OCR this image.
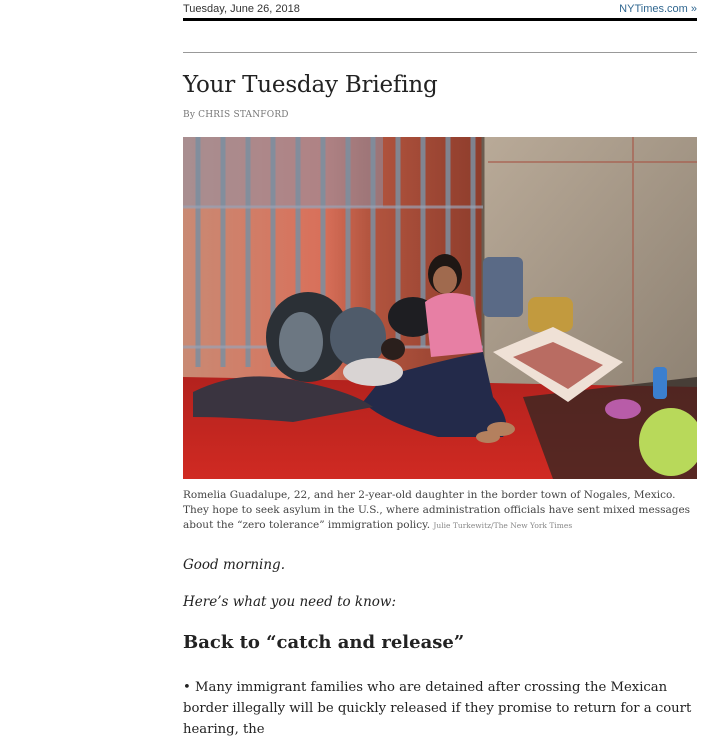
Tuesday, June 26, 2018	NYTimes.com »
Your Tuesday Briefing
By CHRIS STANFORD
Romelia Guadalupe, 22, and her 2-year-old daughter in the border town of Nogales, Mexico. They hope to seek asylum in the U.S., where administration officials have sent mixed messages about the “zero tolerance” immigration policy. Julie Turkewitz/The New York Times
Good morning.
Here’s what you need to know:
Back to “catch and release”
• Many immigrant families who are detained after crossing the Mexican border illegally will be quickly released if they promise to return for a court hearing, the
